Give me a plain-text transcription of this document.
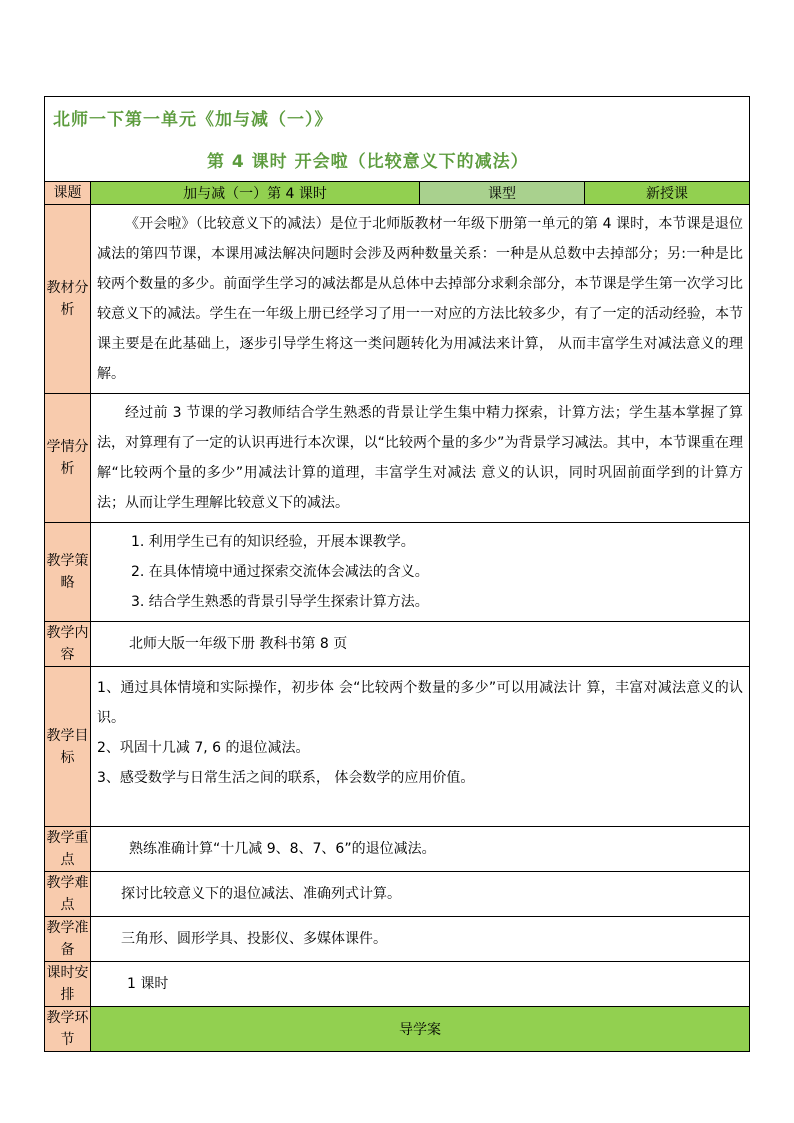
北师一下第一单元《加与减（一）》
第 4 课时 开会啦（比较意义下的减法）			

课题	加与减（一）第 4 课时	课型	新授课
教材分析	《开会啦》（比较意义下的减法）是位于北师版教材一年级下册第一单元的第 4 课时，本节课是退位减法的第四节课，本课用减法解决问题时会涉及两种数量关系：一种是从总数中去掉部分；另:一种是比较两个数量的多少。前面学生学习的减法都是从总体中去掉部分求剩余部分，本节课是学生第一次学习比较意义下的减法。学生在一年级上册已经学习了用一一对应的方法比较多少，有了一定的活动经验，本节课主要是在此基础上，逐步引导学生将这一类问题转化为用减法来计算， 从而丰富学生对减法意义的理解。		
学情分析	经过前 3 节课的学习教师结合学生熟悉的背景让学生集中精力探索，计算方法；学生基本掌握了算法，对算理有了一定的认识再进行本次课，以“比较两个量的多少”为背景学习减法。其中，本节课重在理解“比较两个量的多少”用减法计算的道理，丰富学生对减法 意义的认识，同时巩固前面学到的计算方法；从而让学生理解比较意义下的减法。		
教学策略	1. 利用学生已有的知识经验，开展本课教学。
2. 在具体情境中通过探索交流体会减法的含义。
3. 结合学生熟悉的背景引导学生探索计算方法。		

教学内容	北师大版一年级下册 教科书第 8 页		
教学目标	1、通过具体情境和实际操作，初步体 会“比较两个数量的多少”可以用减法计 算，丰富对减法意义的认识。
2、巩固十几减 7, 6 的退位减法。
3、感受数学与日常生活之间的联系， 体会数学的应用价值。		

教学重点	熟练准确计算“十几减 9、8、7、6”的退位减法。		
教学难点	探讨比较意义下的退位减法、准确列式计算。		
教学准备	三角形、圆形学具、投影仪、多媒体课件。		
课时安排	1 课时		
教学环节	导学案		
